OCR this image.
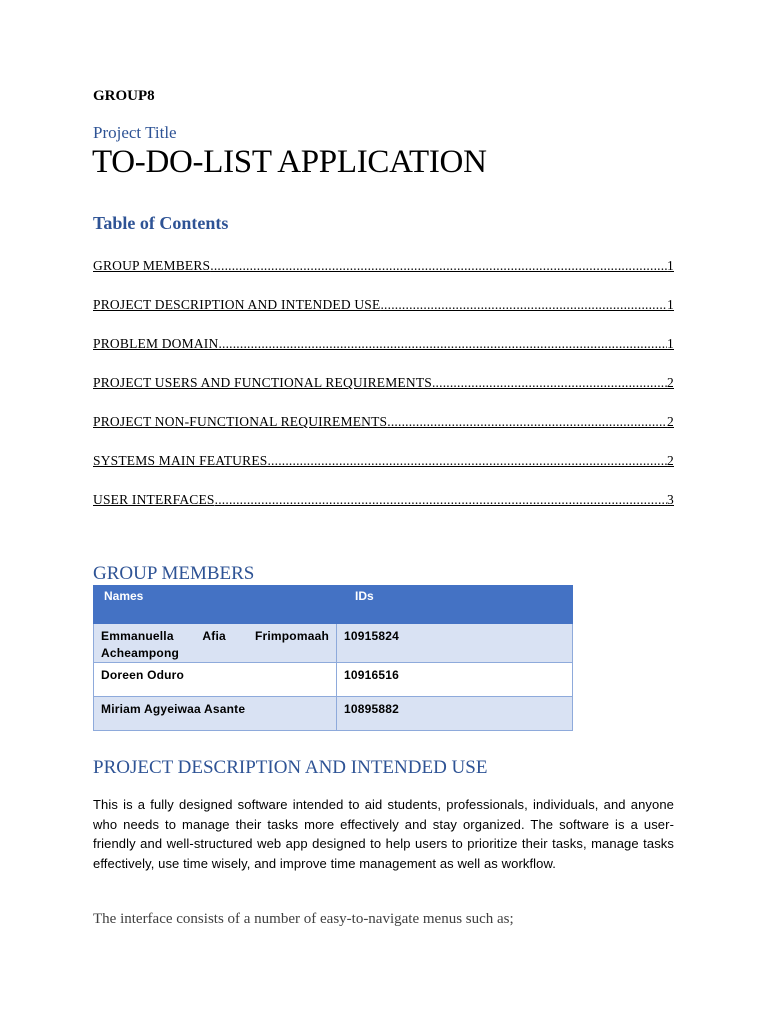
GROUP8
Project Title
TO-DO-LIST APPLICATION
Table of Contents
GROUP MEMBERS .....	1
PROJECT DESCRIPTION AND INTENDED USE .....	1
PROBLEM DOMAIN .....	1
PROJECT USERS AND FUNCTIONAL REQUIREMENTS .....	2
PROJECT NON-FUNCTIONAL REQUIREMENTS .....	2
SYSTEMS MAIN FEATURES .....	2
USER INTERFACES .....	3
GROUP MEMBERS
Names	IDs
Emmanuella Afia Frimpomaah Acheampong	10915824
Doreen Oduro	10916516
Miriam Agyeiwaa Asante	10895882
PROJECT DESCRIPTION AND INTENDED USE
This is a fully designed software intended to aid students, professionals, individuals, and anyone who needs to manage their tasks more effectively and stay organized. The software is a user-friendly and well-structured web app designed to help users to prioritize their tasks, manage tasks effectively, use time wisely, and improve time management as well as workflow.
The interface consists of a number of easy-to-navigate menus such as;
